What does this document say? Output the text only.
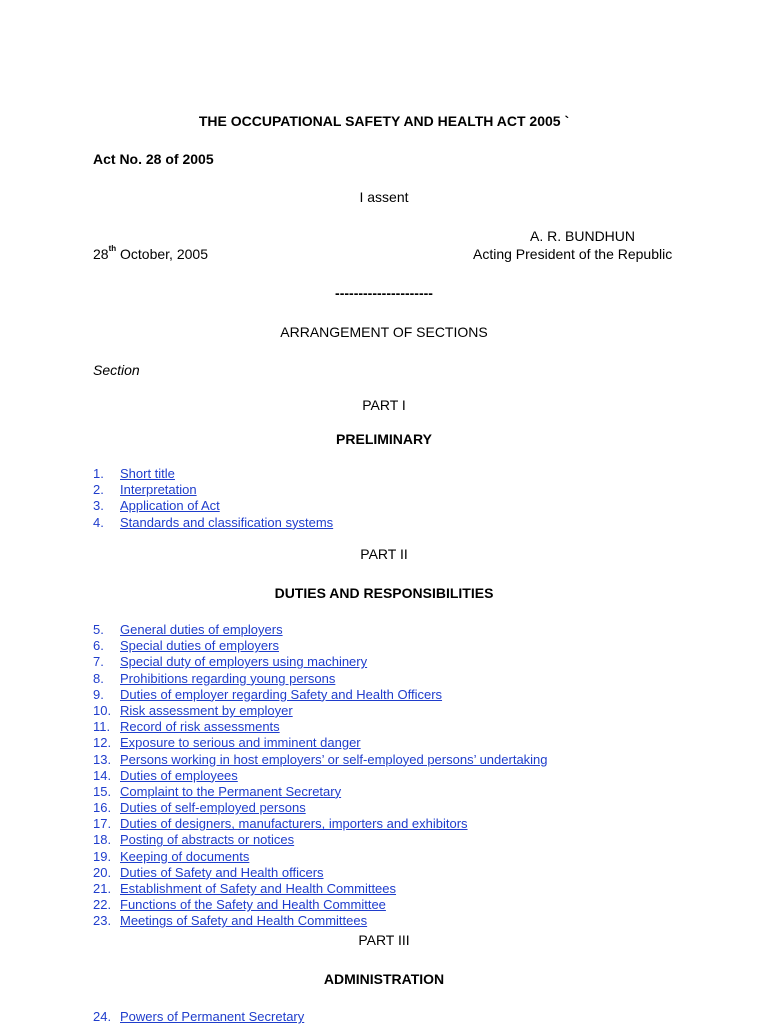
THE OCCUPATIONAL SAFETY AND HEALTH ACT 2005 `
Act No. 28 of 2005
I assent
A. R. BUNDHUN
28th October, 2005	Acting President of the Republic
---------------------
ARRANGEMENT OF SECTIONS
Section
PART I
PRELIMINARY
1. Short title
2. Interpretation
3. Application of Act
4. Standards and classification systems
PART II
DUTIES AND RESPONSIBILITIES
5. General duties of employers
6. Special duties of employers
7. Special duty of employers using machinery
8. Prohibitions regarding young persons
9. Duties of employer regarding Safety and Health Officers
10. Risk assessment by employer
11. Record of risk assessments
12. Exposure to serious and imminent danger
13. Persons working in host employers’ or self-employed persons’ undertaking
14. Duties of employees
15. Complaint to the Permanent Secretary
16. Duties of self-employed persons
17. Duties of designers, manufacturers, importers and exhibitors
18. Posting of abstracts or notices
19. Keeping of documents
20. Duties of Safety and Health officers
21. Establishment of Safety and Health Committees
22. Functions of the Safety and Health Committee
23. Meetings of Safety and Health Committees
PART III
ADMINISTRATION
24. Powers of Permanent Secretary
